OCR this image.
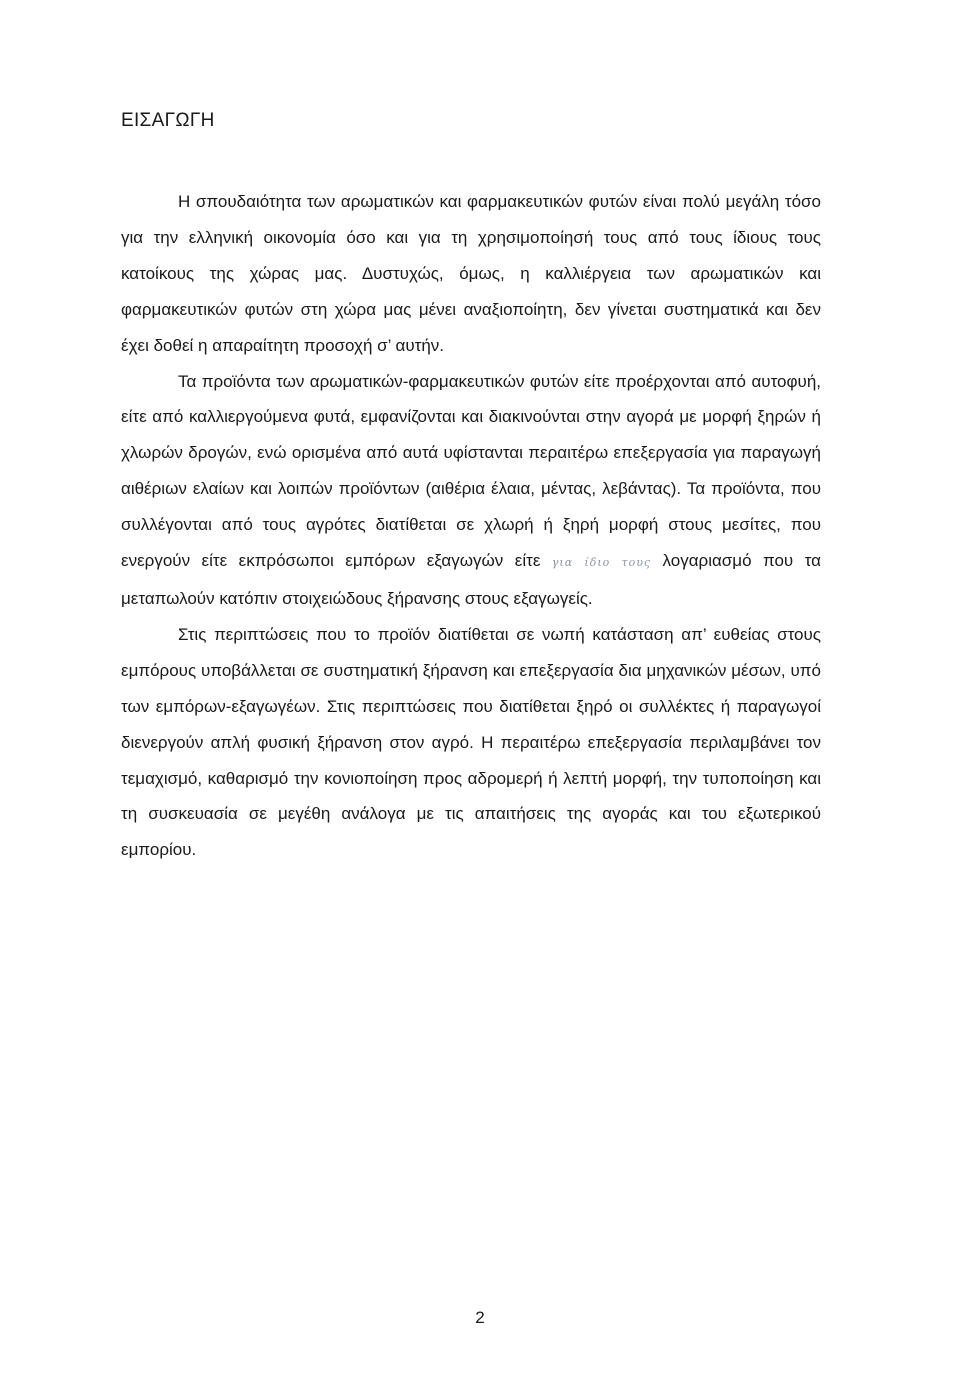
ΕΙΣΑΓΩΓΗ

Η σπουδαιότητα των αρωματικών και φαρμακευτικών φυτών είναι πολύ μεγάλη τόσο για την ελληνική οικονομία όσο και για τη χρησιμοποίησή τους από τους ίδιους τους κατοίκους της χώρας μας. Δυστυχώς, όμως, η καλλιέργεια των αρωματικών και φαρμακευτικών φυτών στη χώρα μας μένει αναξιοποίητη, δεν γίνεται συστηματικά και δεν έχει δοθεί η απαραίτητη προσοχή σ’ αυτήν.

Τα προϊόντα των αρωματικών-φαρμακευτικών φυτών είτε προέρχονται από αυτοφυή, είτε από καλλιεργούμενα φυτά, εμφανίζονται και διακινούνται στην αγορά με μορφή ξηρών ή χλωρών δρογών, ενώ ορισμένα από αυτά υφίστανται περαιτέρω επεξεργασία για παραγωγή αιθέριων ελαίων και λοιπών προϊόντων (αιθέρια έλαια, μέντας, λεβάντας). Τα προϊόντα, που συλλέγονται από τους αγρότες διατίθεται σε χλωρή ή ξηρή μορφή στους μεσίτες, που ενεργούν είτε εκπρόσωποι εμπόρων εξαγωγών είτε για ίδιο τους λογαριασμό που τα μεταπωλούν κατόπιν στοιχειώδους ξήρανσης στους εξαγωγείς.

Στις περιπτώσεις που το προϊόν διατίθεται σε νωπή κατάσταση απ’ ευθείας στους εμπόρους υποβάλλεται σε συστηματική ξήρανση και επεξεργασία δια μηχανικών μέσων, υπό των εμπόρων-εξαγωγέων. Στις περιπτώσεις που διατίθεται ξηρό οι συλλέκτες ή παραγωγοί διενεργούν απλή φυσική ξήρανση στον αγρό. Η περαιτέρω επεξεργασία περιλαμβάνει τον τεμαχισμό, καθαρισμό την κονιοποίηση προς αδρομερή ή λεπτή μορφή, την τυποποίηση και τη συσκευασία σε μεγέθη ανάλογα με τις απαιτήσεις της αγοράς και του εξωτερικού εμπορίου.

2
